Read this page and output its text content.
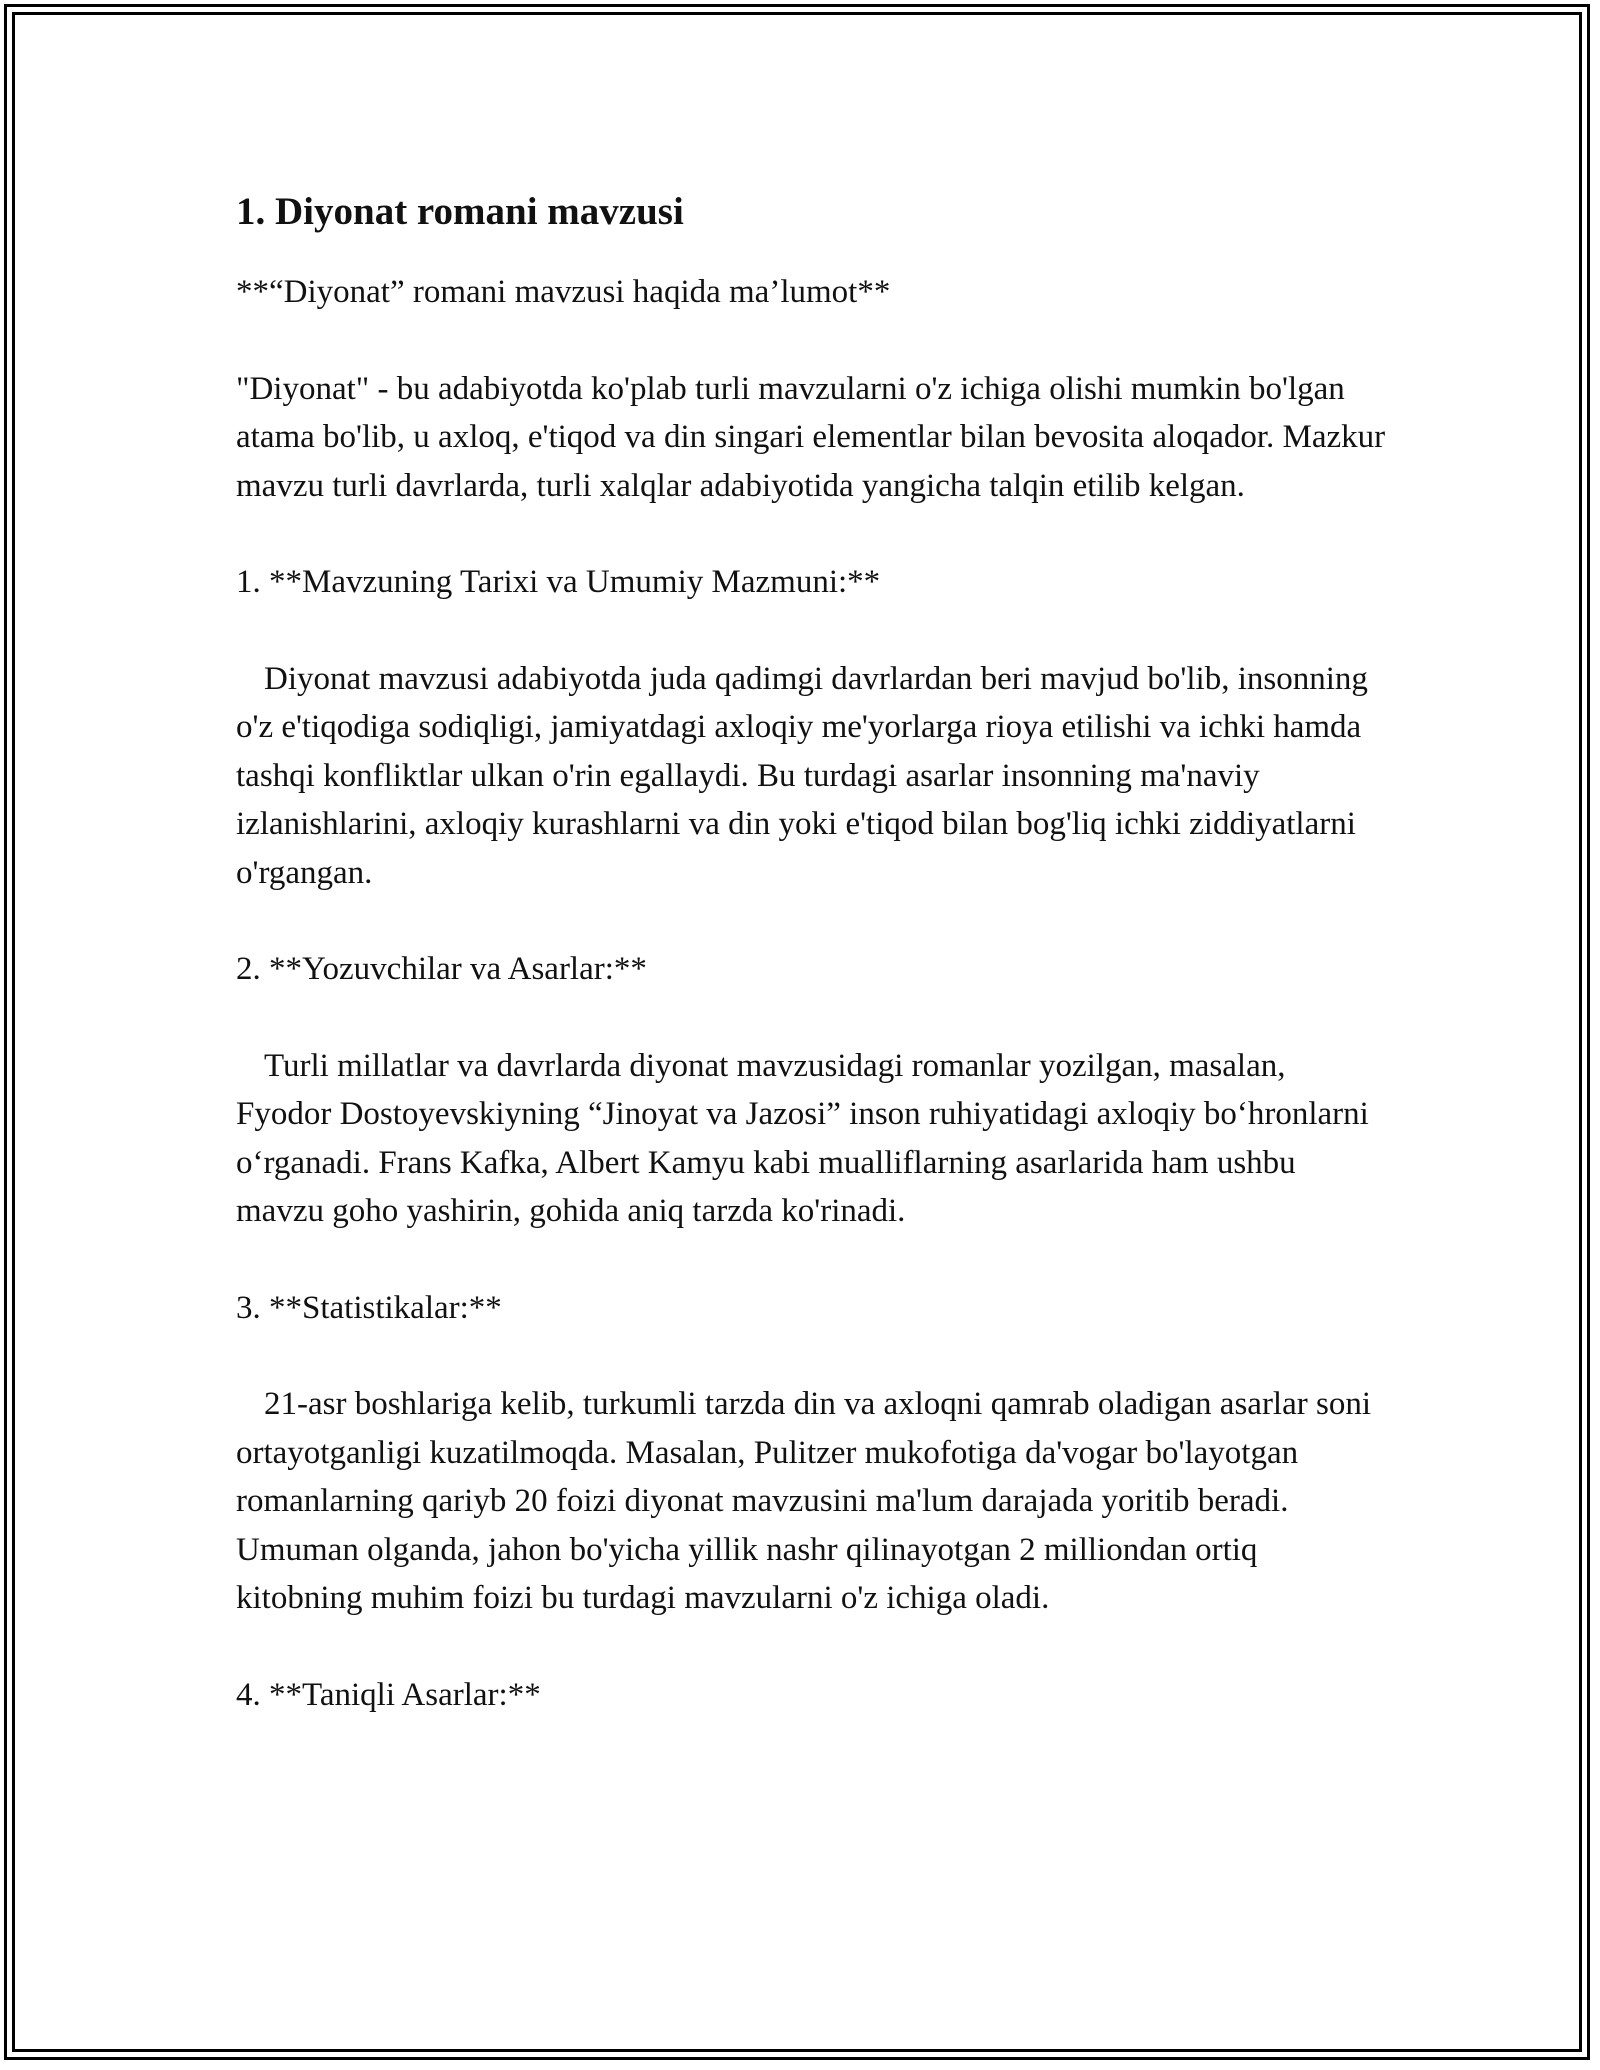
1. Diyonat romani mavzusi

**“Diyonat” romani mavzusi haqida ma’lumot**

"Diyonat" - bu adabiyotda ko'plab turli mavzularni o'z ichiga olishi mumkin bo'lgan atama bo'lib, u axloq, e'tiqod va din singari elementlar bilan bevosita aloqador. Mazkur mavzu turli davrlarda, turli xalqlar adabiyotida yangicha talqin etilib kelgan.

1. **Mavzuning Tarixi va Umumiy Mazmuni:**

Diyonat mavzusi adabiyotda juda qadimgi davrlardan beri mavjud bo'lib, insonning o'z e'tiqodiga sodiqligi, jamiyatdagi axloqiy me'yorlarga rioya etilishi va ichki hamda tashqi konfliktlar ulkan o'rin egallaydi. Bu turdagi asarlar insonning ma'naviy izlanishlarini, axloqiy kurashlarni va din yoki e'tiqod bilan bog'liq ichki ziddiyatlarni o'rgangan.

2. **Yozuvchilar va Asarlar:**

Turli millatlar va davrlarda diyonat mavzusidagi romanlar yozilgan, masalan, Fyodor Dostoyevskiyning “Jinoyat va Jazosi” inson ruhiyatidagi axloqiy bo‘hronlarni o‘rganadi. Frans Kafka, Albert Kamyu kabi mualliflarning asarlarida ham ushbu mavzu goho yashirin, gohida aniq tarzda ko'rinadi.

3. **Statistikalar:**

21-asr boshlariga kelib, turkumli tarzda din va axloqni qamrab oladigan asarlar soni ortayotganligi kuzatilmoqda. Masalan, Pulitzer mukofotiga da'vogar bo'layotgan romanlarning qariyb 20 foizi diyonat mavzusini ma'lum darajada yoritib beradi. Umuman olganda, jahon bo'yicha yillik nashr qilinayotgan 2 milliondan ortiq kitobning muhim foizi bu turdagi mavzularni o'z ichiga oladi.

4. **Taniqli Asarlar:**
